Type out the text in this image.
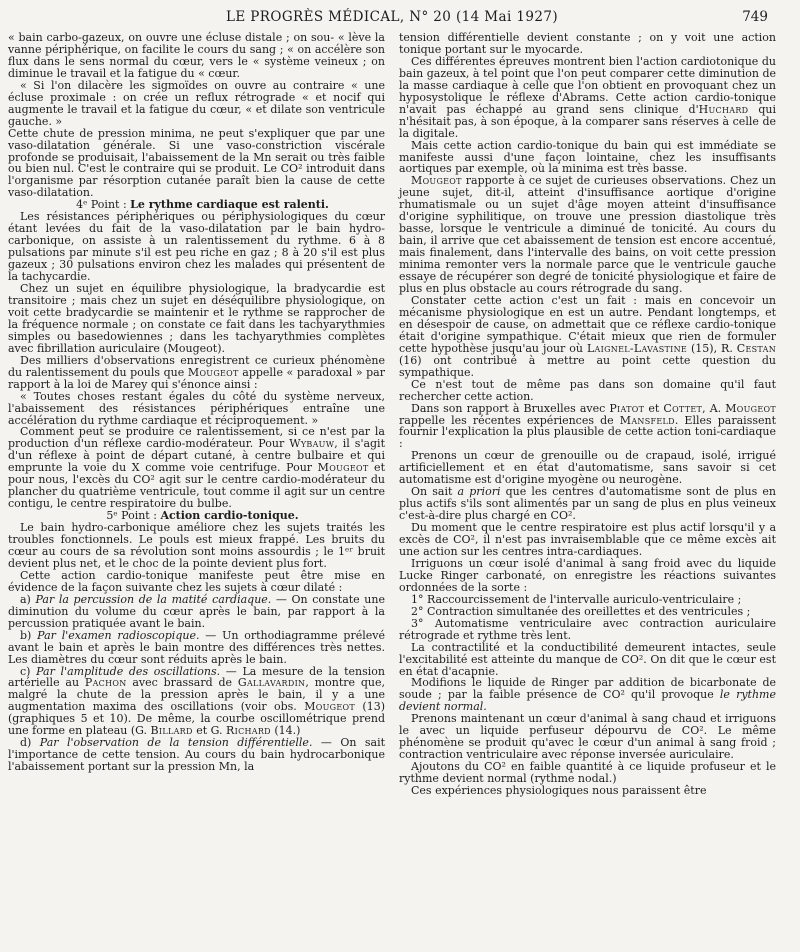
LE PROGRÈS MÉDICAL, N° 20 (14 Mai 1927)	749

« bain carbo-gazeux, on ouvre une écluse distale ; on sou- « lève la vanne périphérique, on facilite le cours du sang ; « on accélère son flux dans le sens normal du cœur, vers le « système veineux ; on diminue le travail et la fatigue du « cœur.

« Si l'on dilacère les sigmoïdes on ouvre au contraire « une écluse proximale : on crée un reflux rétrograde « et nocif qui augmente le travail et la fatigue du cœur, « et dilate son ventricule gauche. »

Cette chute de pression minima, ne peut s'expliquer que par une vaso-dilatation générale. Si une vaso-constriction viscérale profonde se produisait, l'abaissement de la Mn serait ou très faible ou bien nul. C'est le contraire qui se produit. Le CO² introduit dans l'organisme par résorption cutanée paraît bien la cause de cette vaso-dilatation.

4ᵉ Point : Le rythme cardiaque est ralenti.

Les résistances périphériques ou périphysiologiques du cœur étant levées du fait de la vaso-dilatation par le bain hydro-carbonique, on assiste à un ralentissement du rythme. 6 à 8 pulsations par minute s'il est peu riche en gaz ; 8 à 20 s'il est plus gazeux ; 30 pulsations environ chez les malades qui présentent de la tachycardie.

Chez un sujet en équilibre physiologique, la bradycardie est transitoire ; mais chez un sujet en déséquilibre physiologique, on voit cette bradycardie se maintenir et le rythme se rapprocher de la fréquence normale ; on constate ce fait dans les tachyarythmies simples ou basedowiennes ; dans les tachyarythmies complètes avec fibrillation auriculaire (Mougeot).

Des milliers d'observations enregistrent ce curieux phénomène du ralentissement du pouls que Mougeot appelle « paradoxal » par rapport à la loi de Marey qui s'énonce ainsi :

« Toutes choses restant égales du côté du système nerveux, l'abaissement des résistances périphériques entraîne une accélération du rythme cardiaque et réciproquement. »

Comment peut se produire ce ralentissement, si ce n'est par la production d'un réflexe cardio-modérateur. Pour Wybauw, il s'agit d'un réflexe à point de départ cutané, à centre bulbaire et qui emprunte la voie du X comme voie centrifuge. Pour Mougeot et pour nous, l'excès du CO² agit sur le centre cardio-modérateur du plancher du quatrième ventricule, tout comme il agit sur un centre contigu, le centre respiratoire du bulbe.

5ᵉ Point : Action cardio-tonique.

Le bain hydro-carbonique améliore chez les sujets traités les troubles fonctionnels. Le pouls est mieux frappé. Les bruits du cœur au cours de sa révolution sont moins assourdis ; le 1ᵉʳ bruit devient plus net, et le choc de la pointe devient plus fort.

Cette action cardio-tonique manifeste peut être mise en évidence de la façon suivante chez les sujets à cœur dilaté :

a) Par la percussion de la matité cardiaque. — On constate une diminution du volume du cœur après le bain, par rapport à la percussion pratiquée avant le bain.

b) Par l'examen radioscopique. — Un orthodiagramme prélevé avant le bain et après le bain montre des différences très nettes. Les diamètres du cœur sont réduits après le bain.

c) Par l'amplitude des oscillations. — La mesure de la tension artérielle au Pachon avec brassard de Gallavardin, montre que, malgré la chute de la pression après le bain, il y a une augmentation maxima des oscillations (voir obs. Mougeot (13) (graphiques 5 et 10). De même, la courbe oscillométrique prend une forme en plateau (G. Billard et G. Richard (14.)

d) Par l'observation de la tension différentielle. — On sait l'importance de cette tension. Au cours du bain hydrocarbonique l'abaissement portant sur la pression Mn, la

tension différentielle devient constante ; on y voit une action tonique portant sur le myocarde.

Ces différentes épreuves montrent bien l'action cardiotonique du bain gazeux, à tel point que l'on peut comparer cette diminution de la masse cardiaque à celle que l'on obtient en provoquant chez un hyposystolique le réflexe d'Abrams. Cette action cardio-tonique n'avait pas échappé au grand sens clinique d'Huchard qui n'hésitait pas, à son époque, à la comparer sans réserves à celle de la digitale.

Mais cette action cardio-tonique du bain qui est immédiate se manifeste aussi d'une façon lointaine, chez les insuffisants aortiques par exemple, où la minima est très basse.

Mougeot rapporte à ce sujet de curieuses observations. Chez un jeune sujet, dit-il, atteint d'insuffisance aortique d'origine rhumatismale ou un sujet d'âge moyen atteint d'insuffisance d'origine syphilitique, on trouve une pression diastolique très basse, lorsque le ventricule a diminué de tonicité. Au cours du bain, il arrive que cet abaissement de tension est encore accentué, mais finalement, dans l'intervalle des bains, on voit cette pression minima remonter vers la normale parce que le ventricule gauche essaye de récupérer son degré de tonicité physiologique et faire de plus en plus obstacle au cours rétrograde du sang.

Constater cette action c'est un fait : mais en concevoir un mécanisme physiologique en est un autre. Pendant longtemps, et en désespoir de cause, on admettait que ce réflexe cardio-tonique était d'origine sympathique. C'était mieux que rien de formuler cette hypothèse jusqu'au jour où Laignel-Lavastine (15), R. Cestan (16) ont contribué à mettre au point cette question du sympathique.

Ce n'est tout de même pas dans son domaine qu'il faut rechercher cette action.

Dans son rapport à Bruxelles avec Piatot et Cottet, A. Mougeot rappelle les récentes expériences de Mansfeld. Elles paraissent fournir l'explication la plus plausible de cette action toni-cardiaque :

Prenons un cœur de grenouille ou de crapaud, isolé, irrigué artificiellement et en état d'automatisme, sans savoir si cet automatisme est d'origine myogène ou neurogène.

On sait a priori que les centres d'automatisme sont de plus en plus actifs s'ils sont alimentés par un sang de plus en plus veineux c'est-à-dire plus chargé en CO².

Du moment que le centre respiratoire est plus actif lorsqu'il y a excès de CO², il n'est pas invraisemblable que ce même excès ait une action sur les centres intra-cardiaques.

Irriguons un cœur isolé d'animal à sang froid avec du liquide Lucke Ringer carbonaté, on enregistre les réactions suivantes ordonnées de la sorte :

1° Raccourcissement de l'intervalle auriculo-ventriculaire ;

2° Contraction simultanée des oreillettes et des ventricules ;

3° Automatisme ventriculaire avec contraction auriculaire rétrograde et rythme très lent.

La contractilité et la conductibilité demeurent intactes, seule l'excitabilité est atteinte du manque de CO². On dit que le cœur est en état d'acapnie.

Modifions le liquide de Ringer par addition de bicarbonate de soude ; par la faible présence de CO² qu'il provoque le rythme devient normal.

Prenons maintenant un cœur d'animal à sang chaud et irriguons le avec un liquide perfuseur dépourvu de CO². Le même phénomène se produit qu'avec le cœur d'un animal à sang froid ; contraction ventriculaire avec réponse inversée auriculaire.

Ajoutons du CO² en faible quantité à ce liquide profuseur et le rythme devient normal (rythme nodal.)

Ces expériences physiologiques nous paraissent être
